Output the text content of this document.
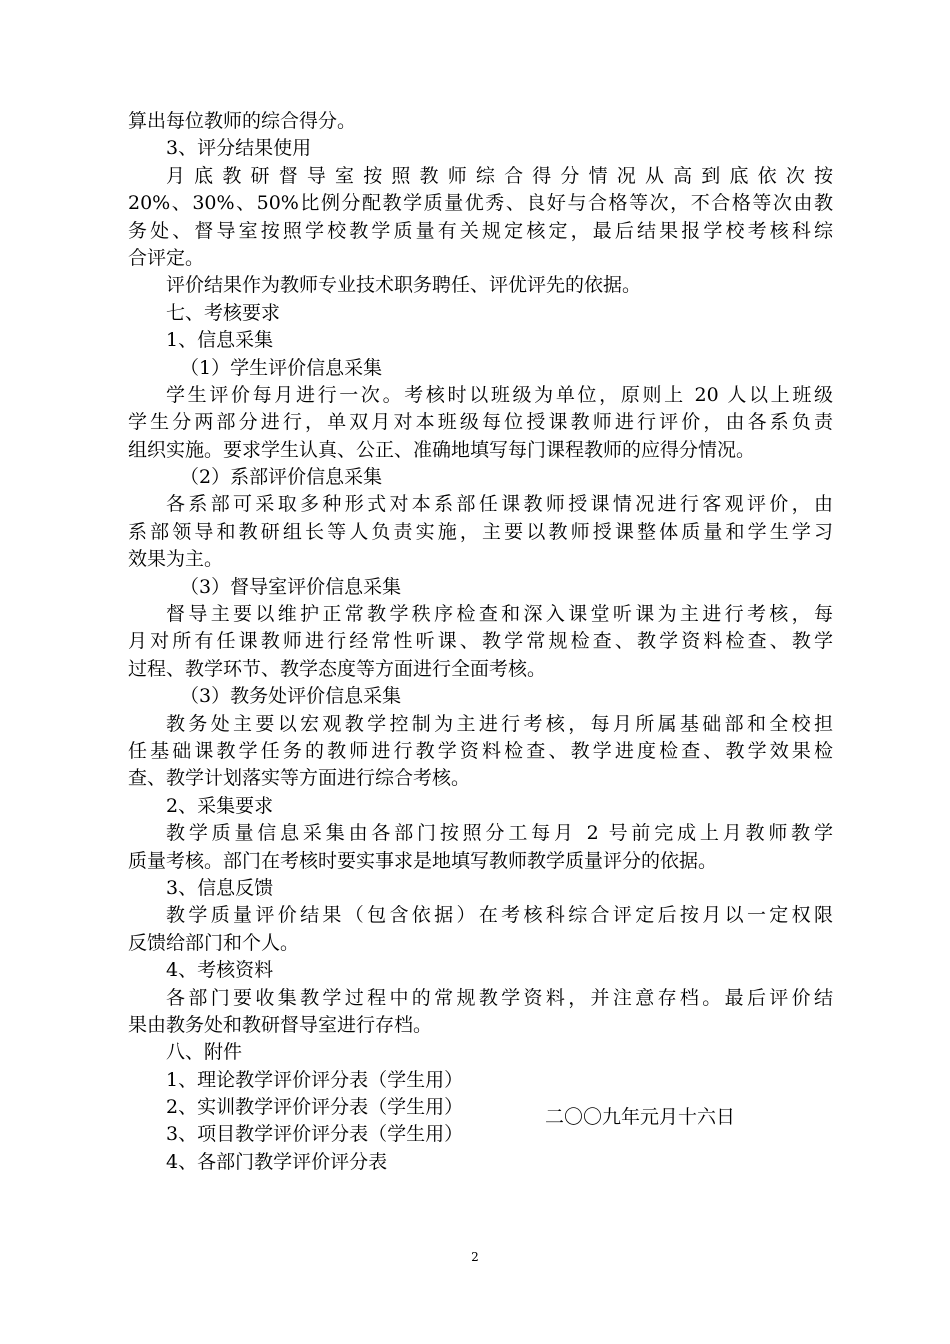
算出每位教师的综合得分。
3、评分结果使用
月底教研督导室按照教师综合得分情况从高到底依次按
20%、30%、50%比例分配教学质量优秀、良好与合格等次，不合格等次由教
务处、督导室按照学校教学质量有关规定核定，最后结果报学校考核科综
合评定。
评价结果作为教师专业技术职务聘任、评优评先的依据。
七、考核要求
1、信息采集
（1）学生评价信息采集
学生评价每月进行一次。考核时以班级为单位，原则上 20 人以上班级
学生分两部分进行，单双月对本班级每位授课教师进行评价，由各系负责
组织实施。要求学生认真、公正、准确地填写每门课程教师的应得分情况。
（2）系部评价信息采集
各系部可采取多种形式对本系部任课教师授课情况进行客观评价，由
系部领导和教研组长等人负责实施，主要以教师授课整体质量和学生学习
效果为主。
（3）督导室评价信息采集
督导主要以维护正常教学秩序检查和深入课堂听课为主进行考核，每
月对所有任课教师进行经常性听课、教学常规检查、教学资料检查、教学
过程、教学环节、教学态度等方面进行全面考核。
（3）教务处评价信息采集
教务处主要以宏观教学控制为主进行考核，每月所属基础部和全校担
任基础课教学任务的教师进行教学资料检查、教学进度检查、教学效果检
查、教学计划落实等方面进行综合考核。
2、采集要求
教学质量信息采集由各部门按照分工每月 2 号前完成上月教师教学
质量考核。部门在考核时要实事求是地填写教师教学质量评分的依据。
3、信息反馈
教学质量评价结果（包含依据）在考核科综合评定后按月以一定权限
反馈给部门和个人。
4、考核资料
各部门要收集教学过程中的常规教学资料，并注意存档。最后评价结
果由教务处和教研督导室进行存档。
八、附件
1、理论教学评价评分表（学生用）
2、实训教学评价评分表（学生用）
3、项目教学评价评分表（学生用）
4、各部门教学评价评分表
二〇〇九年元月十六日
2
